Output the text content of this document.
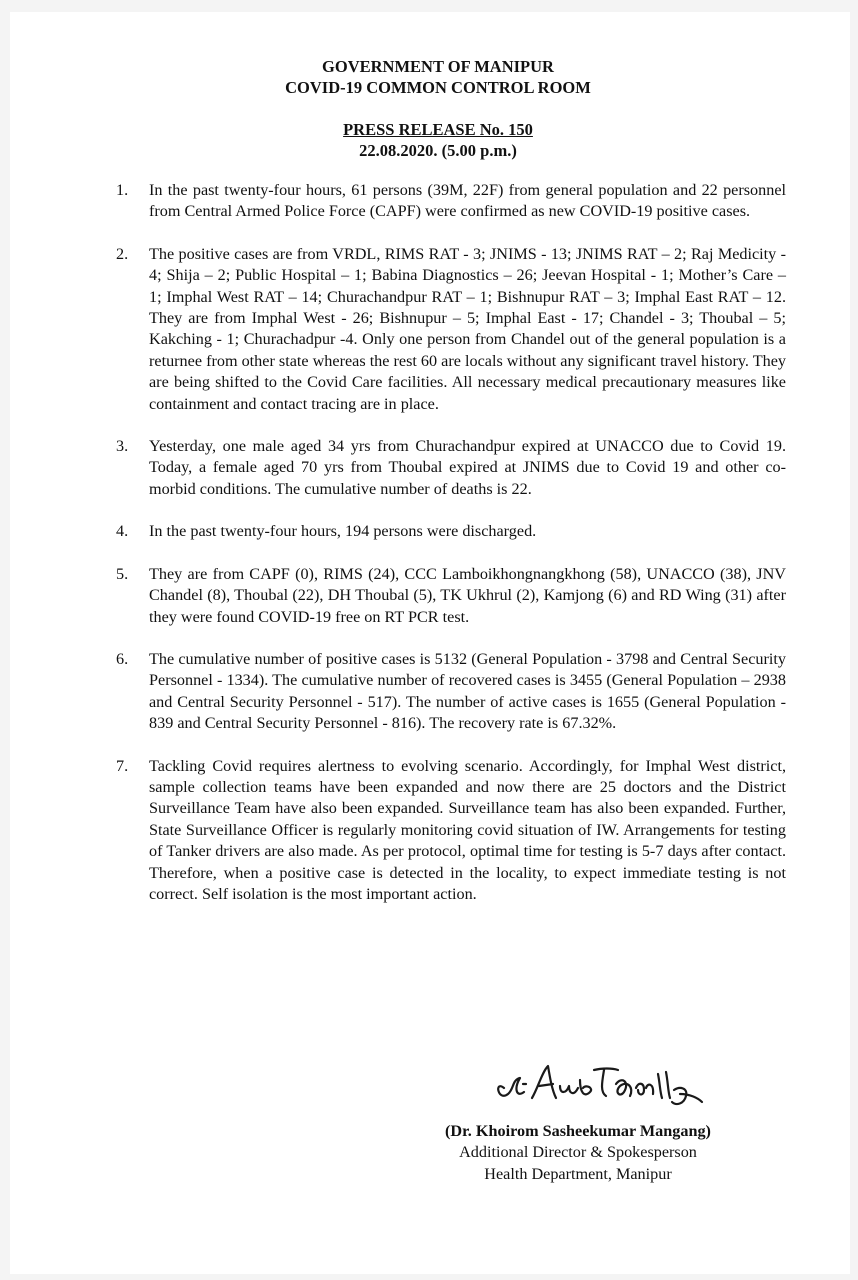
GOVERNMENT OF MANIPUR
COVID-19 COMMON CONTROL ROOM
PRESS RELEASE No. 150
22.08.2020. (5.00 p.m.)
1.	In the past twenty-four hours, 61 persons (39M, 22F) from general population and 22 personnel from Central Armed Police Force (CAPF) were confirmed as new COVID-19 positive cases.
2.	The positive cases are from VRDL, RIMS RAT - 3; JNIMS - 13; JNIMS RAT – 2; Raj Medicity - 4; Shija – 2; Public Hospital – 1; Babina Diagnostics – 26; Jeevan Hospital - 1; Mother’s Care – 1; Imphal West RAT – 14; Churachandpur RAT – 1; Bishnupur RAT – 3; Imphal East RAT – 12. They are from Imphal West - 26; Bishnupur – 5; Imphal East - 17; Chandel - 3; Thoubal – 5; Kakching - 1; Churachadpur -4. Only one person from Chandel out of the general population is a returnee from other state whereas the rest 60 are locals without any significant travel history. They are being shifted to the Covid Care facilities. All necessary medical precautionary measures like containment and contact tracing are in place.
3.	Yesterday, one male aged 34 yrs from Churachandpur expired at UNACCO due to Covid 19. Today, a female aged 70 yrs from Thoubal expired at JNIMS due to Covid 19 and other co-morbid conditions. The cumulative number of deaths is 22.
4.	In the past twenty-four hours, 194 persons were discharged.
5.	They are from CAPF (0), RIMS (24), CCC Lamboikhongnangkhong (58), UNACCO (38), JNV Chandel (8), Thoubal (22), DH Thoubal (5), TK Ukhrul (2), Kamjong (6) and RD Wing (31) after they were found COVID-19 free on RT PCR test.
6.	The cumulative number of positive cases is 5132 (General Population - 3798 and Central Security Personnel - 1334). The cumulative number of recovered cases is 3455 (General Population – 2938 and Central Security Personnel - 517). The number of active cases is 1655 (General Population - 839 and Central Security Personnel - 816). The recovery rate is 67.32%.
7.	Tackling Covid requires alertness to evolving scenario. Accordingly, for Imphal West district, sample collection teams have been expanded and now there are 25 doctors and the District Surveillance Team have also been expanded. Surveillance team has also been expanded. Further, State Surveillance Officer is regularly monitoring covid situation of IW. Arrangements for testing of Tanker drivers are also made. As per protocol, optimal time for testing is 5-7 days after contact. Therefore, when a positive case is detected in the locality, to expect immediate testing is not correct. Self isolation is the most important action.
(Dr. Khoirom Sasheekumar Mangang)
Additional Director & Spokesperson
Health Department, Manipur
